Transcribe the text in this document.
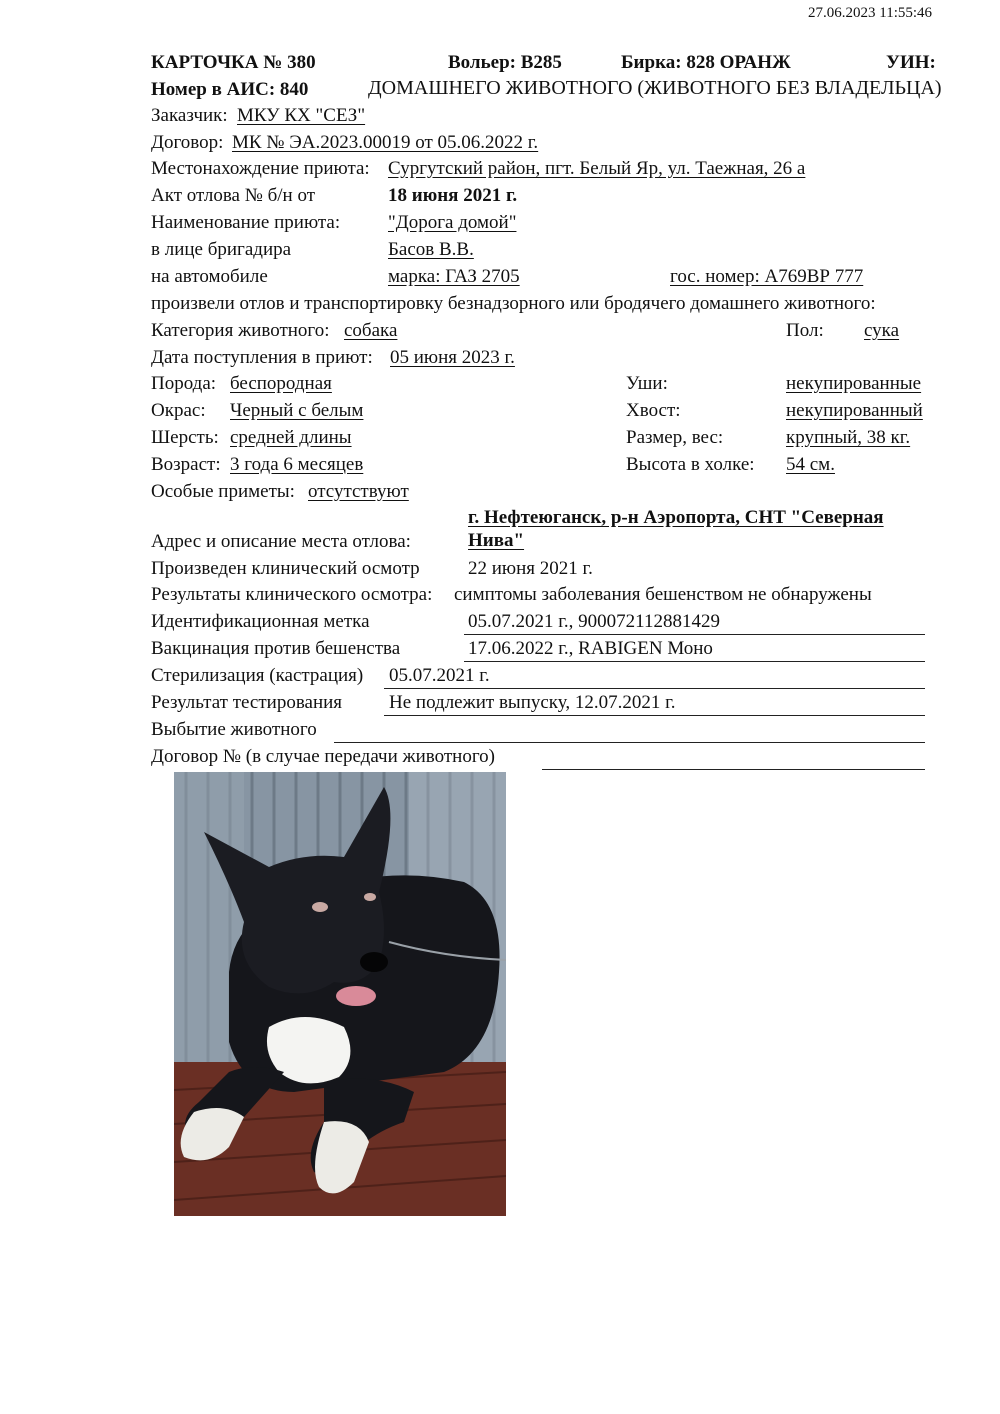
27.06.2023 11:55:46
КАРТОЧКА № 380	Вольер: В285	Бирка: 828 ОРАНЖ	УИН:
Номер в АИС: 840	ДОМАШНЕГО ЖИВОТНОГО (ЖИВОТНОГО БЕЗ ВЛАДЕЛЬЦА)
Заказчик: МКУ КХ "СЕЗ"
Договор: МК № ЭА.2023.00019 от 05.06.2022 г.
Местонахождение приюта: Сургутский район, пгт. Белый Яр, ул. Таежная, 26 а
Акт отлова № б/н от	18 июня 2021 г.
Наименование приюта:	"Дорога домой"
в лице бригадира	Басов В.В.
на автомобиле	марка: ГАЗ 2705	гос. номер: А769ВР 777
произвели отлов и транспортировку безнадзорного или бродячего домашнего животного:
Категория животного: собака	Пол: сука
Дата поступления в приют: 05 июня 2023 г.
Порода: беспородная	Уши:	некупированные
Окрас: Черный с белым	Хвост:	некупированный
Шерсть: средней длины	Размер, вес:	крупный, 38 кг.
Возраст: 3 года 6 месяцев	Высота в холке: 54 см.
Особые приметы: отсутствуют
г. Нефтеюганск, р-н Аэропорта, СНТ "Северная
Адрес и описание места отлова:	Нива"
Произведен клинический осмотр	22 июня 2021 г.
Результаты клинического осмотра: симптомы заболевания бешенством не обнаружены
Идентификационная метка	05.07.2021 г., 900072112881429
Вакцинация против бешенства	17.06.2022 г., RABIGEN Моно
Стерилизация (кастрация) 05.07.2021 г.
Результат тестирования Не подлежит выпуску, 12.07.2021 г.
Выбытие животного
Договор № (в случае передачи животного)
